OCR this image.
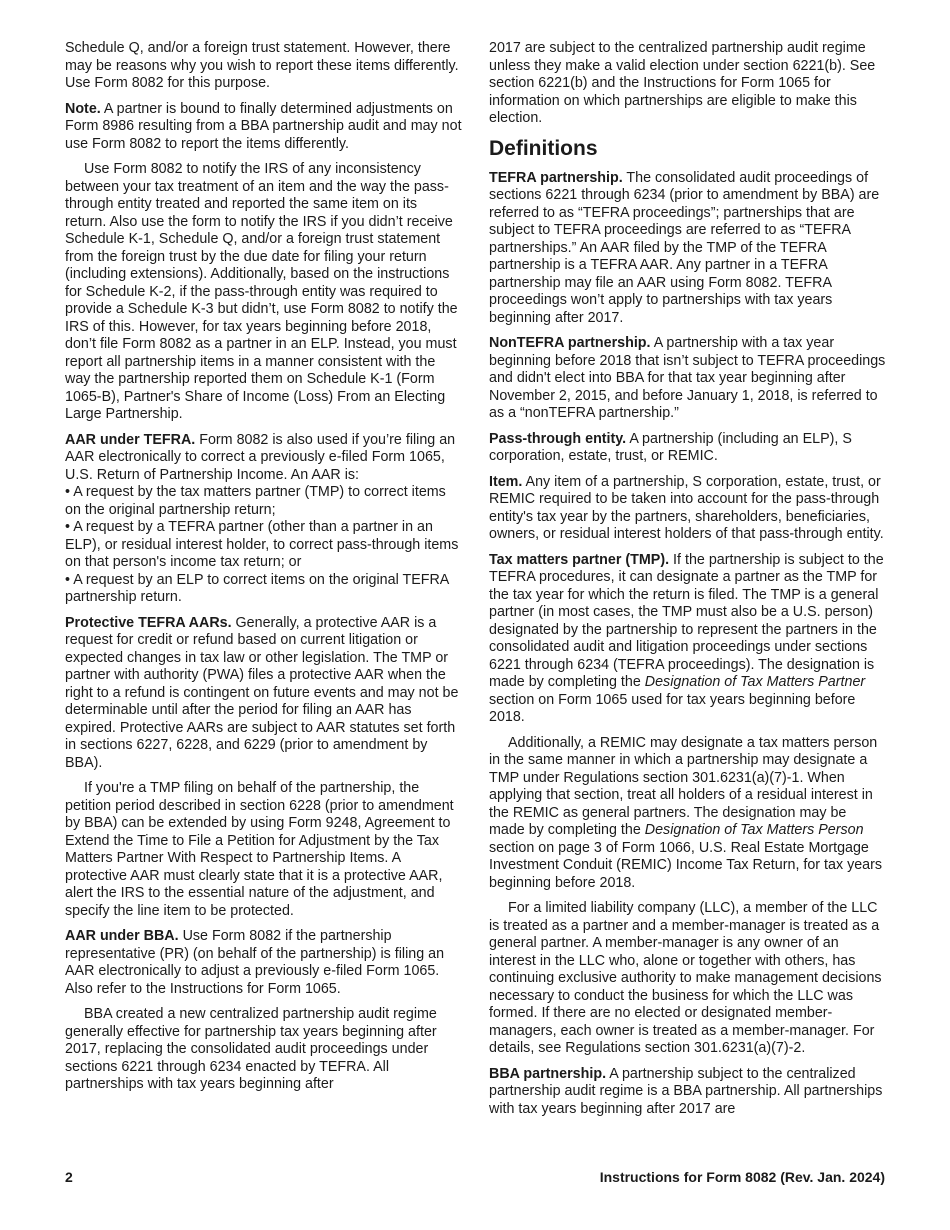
Schedule Q, and/or a foreign trust statement. However, there may be reasons why you wish to report these items differently. Use Form 8082 for this purpose.

Note. A partner is bound to finally determined adjustments on Form 8986 resulting from a BBA partnership audit and may not use Form 8082 to report the items differently.

Use Form 8082 to notify the IRS of any inconsistency between your tax treatment of an item and the way the pass-through entity treated and reported the same item on its return. Also use the form to notify the IRS if you didn’t receive Schedule K-1, Schedule Q, and/or a foreign trust statement from the foreign trust by the due date for filing your return (including extensions). Additionally, based on the instructions for Schedule K-2, if the pass-through entity was required to provide a Schedule K-3 but didn’t, use Form 8082 to notify the IRS of this. However, for tax years beginning before 2018, don’t file Form 8082 as a partner in an ELP. Instead, you must report all partnership items in a manner consistent with the way the partnership reported them on Schedule K-1 (Form 1065-B), Partner's Share of Income (Loss) From an Electing Large Partnership.

AAR under TEFRA. Form 8082 is also used if you’re filing an AAR electronically to correct a previously e-filed Form 1065, U.S. Return of Partnership Income. An AAR is:

• A request by the tax matters partner (TMP) to correct items on the original partnership return;

• A request by a TEFRA partner (other than a partner in an ELP), or residual interest holder, to correct pass-through items on that person's income tax return; or

• A request by an ELP to correct items on the original TEFRA partnership return.

Protective TEFRA AARs. Generally, a protective AAR is a request for credit or refund based on current litigation or expected changes in tax law or other legislation. The TMP or partner with authority (PWA) files a protective AAR when the right to a refund is contingent on future events and may not be determinable until after the period for filing an AAR has expired. Protective AARs are subject to AAR statutes set forth in sections 6227, 6228, and 6229 (prior to amendment by BBA).

If you're a TMP filing on behalf of the partnership, the petition period described in section 6228 (prior to amendment by BBA) can be extended by using Form 9248, Agreement to Extend the Time to File a Petition for Adjustment by the Tax Matters Partner With Respect to Partnership Items. A protective AAR must clearly state that it is a protective AAR, alert the IRS to the essential nature of the adjustment, and specify the line item to be protected.

AAR under BBA. Use Form 8082 if the partnership representative (PR) (on behalf of the partnership) is filing an AAR electronically to adjust a previously e-filed Form 1065. Also refer to the Instructions for Form 1065.

BBA created a new centralized partnership audit regime generally effective for partnership tax years beginning after 2017, replacing the consolidated audit proceedings under sections 6221 through 6234 enacted by TEFRA. All partnerships with tax years beginning after

2017 are subject to the centralized partnership audit regime unless they make a valid election under section 6221(b). See section 6221(b) and the Instructions for Form 1065 for information on which partnerships are eligible to make this election.

Definitions

TEFRA partnership. The consolidated audit proceedings of sections 6221 through 6234 (prior to amendment by BBA) are referred to as “TEFRA proceedings”; partnerships that are subject to TEFRA proceedings are referred to as “TEFRA partnerships.” An AAR filed by the TMP of the TEFRA partnership is a TEFRA AAR. Any partner in a TEFRA partnership may file an AAR using Form 8082. TEFRA proceedings won’t apply to partnerships with tax years beginning after 2017.

NonTEFRA partnership. A partnership with a tax year beginning before 2018 that isn’t subject to TEFRA proceedings and didn't elect into BBA for that tax year beginning after November 2, 2015, and before January 1, 2018, is referred to as a “nonTEFRA partnership.”

Pass-through entity. A partnership (including an ELP), S corporation, estate, trust, or REMIC.

Item. Any item of a partnership, S corporation, estate, trust, or REMIC required to be taken into account for the pass-through entity's tax year by the partners, shareholders, beneficiaries, owners, or residual interest holders of that pass-through entity.

Tax matters partner (TMP). If the partnership is subject to the TEFRA procedures, it can designate a partner as the TMP for the tax year for which the return is filed. The TMP is a general partner (in most cases, the TMP must also be a U.S. person) designated by the partnership to represent the partners in the consolidated audit and litigation proceedings under sections 6221 through 6234 (TEFRA proceedings). The designation is made by completing the Designation of Tax Matters Partner section on Form 1065 used for tax years beginning before 2018.

Additionally, a REMIC may designate a tax matters person in the same manner in which a partnership may designate a TMP under Regulations section 301.6231(a)(7)-1. When applying that section, treat all holders of a residual interest in the REMIC as general partners. The designation may be made by completing the Designation of Tax Matters Person section on page 3 of Form 1066, U.S. Real Estate Mortgage Investment Conduit (REMIC) Income Tax Return, for tax years beginning before 2018.

For a limited liability company (LLC), a member of the LLC is treated as a partner and a member-manager is treated as a general partner. A member-manager is any owner of an interest in the LLC who, alone or together with others, has continuing exclusive authority to make management decisions necessary to conduct the business for which the LLC was formed. If there are no elected or designated member-managers, each owner is treated as a member-manager. For details, see Regulations section 301.6231(a)(7)-2.

BBA partnership. A partnership subject to the centralized partnership audit regime is a BBA partnership. All partnerships with tax years beginning after 2017 are

2	Instructions for Form 8082 (Rev. Jan. 2024)
